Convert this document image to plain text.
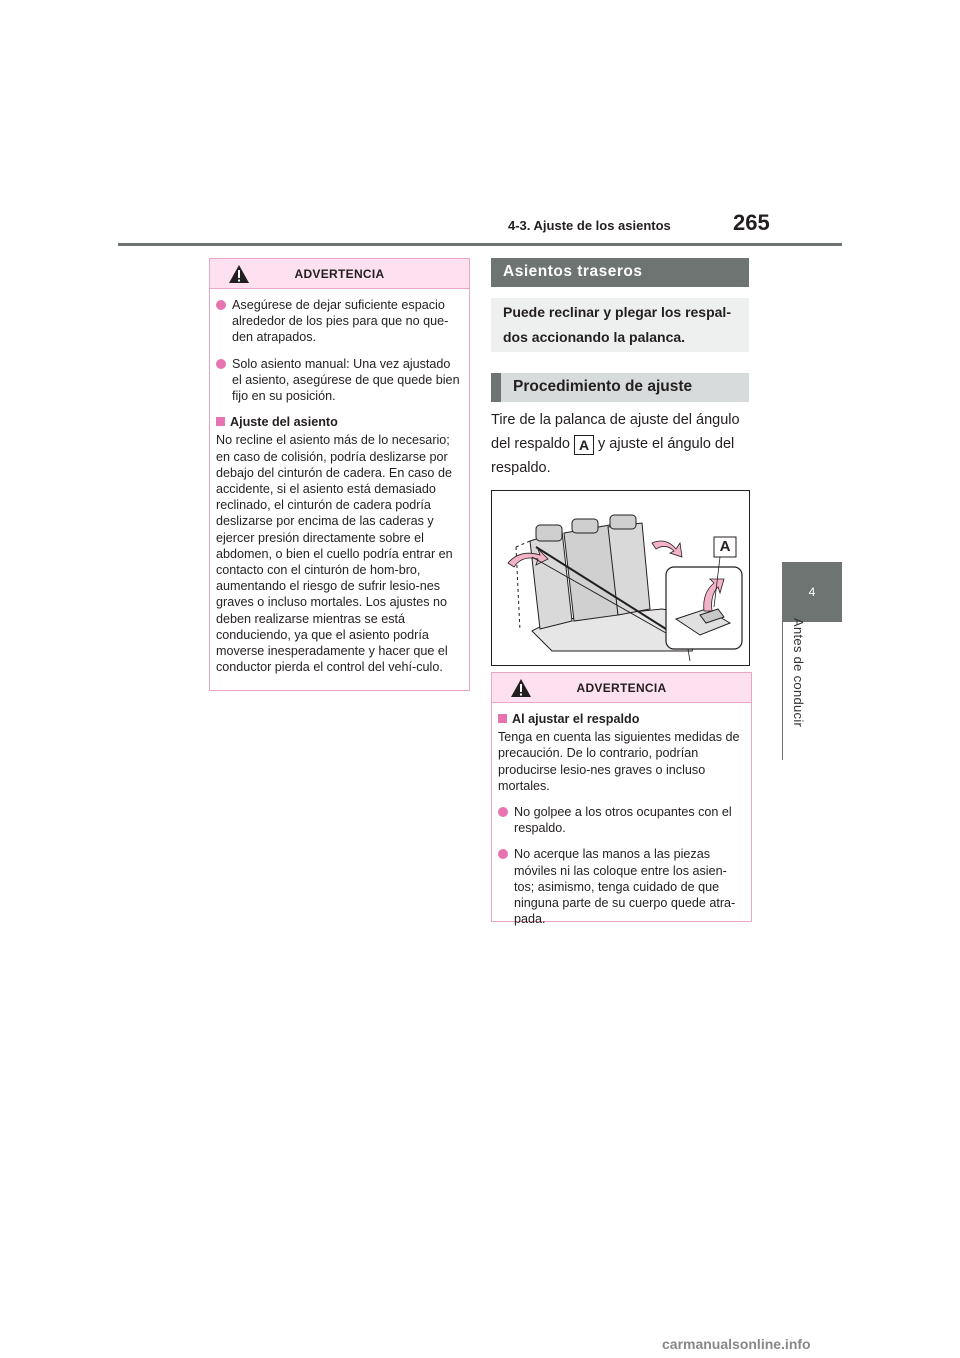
4-3. Ajuste de los asientos	265
4
Antes de conducir
ADVERTENCIA
Asegúrese de dejar suficiente espacio alrededor de los pies para que no que-den atrapados.
Solo asiento manual: Una vez ajustado el asiento, asegúrese de que quede bien fijo en su posición.
Ajuste del asiento
No recline el asiento más de lo necesario; en caso de colisión, podría deslizarse por debajo del cinturón de cadera. En caso de accidente, si el asiento está demasiado reclinado, el cinturón de cadera podría deslizarse por encima de las caderas y ejercer presión directamente sobre el abdomen, o bien el cuello podría entrar en contacto con el cinturón de hom-bro, aumentando el riesgo de sufrir lesio-nes graves o incluso mortales. Los ajustes no deben realizarse mientras se está conduciendo, ya que el asiento podría moverse inesperadamente y hacer que el conductor pierda el control del vehí-culo.
Asientos traseros
Puede reclinar y plegar los respal-dos accionando la palanca.
Procedimiento de ajuste
Tire de la palanca de ajuste del ángulo del respaldo A y ajuste el ángulo del respaldo.
A
ADVERTENCIA
Al ajustar el respaldo
Tenga en cuenta las siguientes medidas de precaución. De lo contrario, podrían producirse lesio-nes graves o incluso mortales.
No golpee a los otros ocupantes con el respaldo.
No acerque las manos a las piezas móviles ni las coloque entre los asien-tos; asimismo, tenga cuidado de que ninguna parte de su cuerpo quede atra-pada.
carmanualsonline.info
